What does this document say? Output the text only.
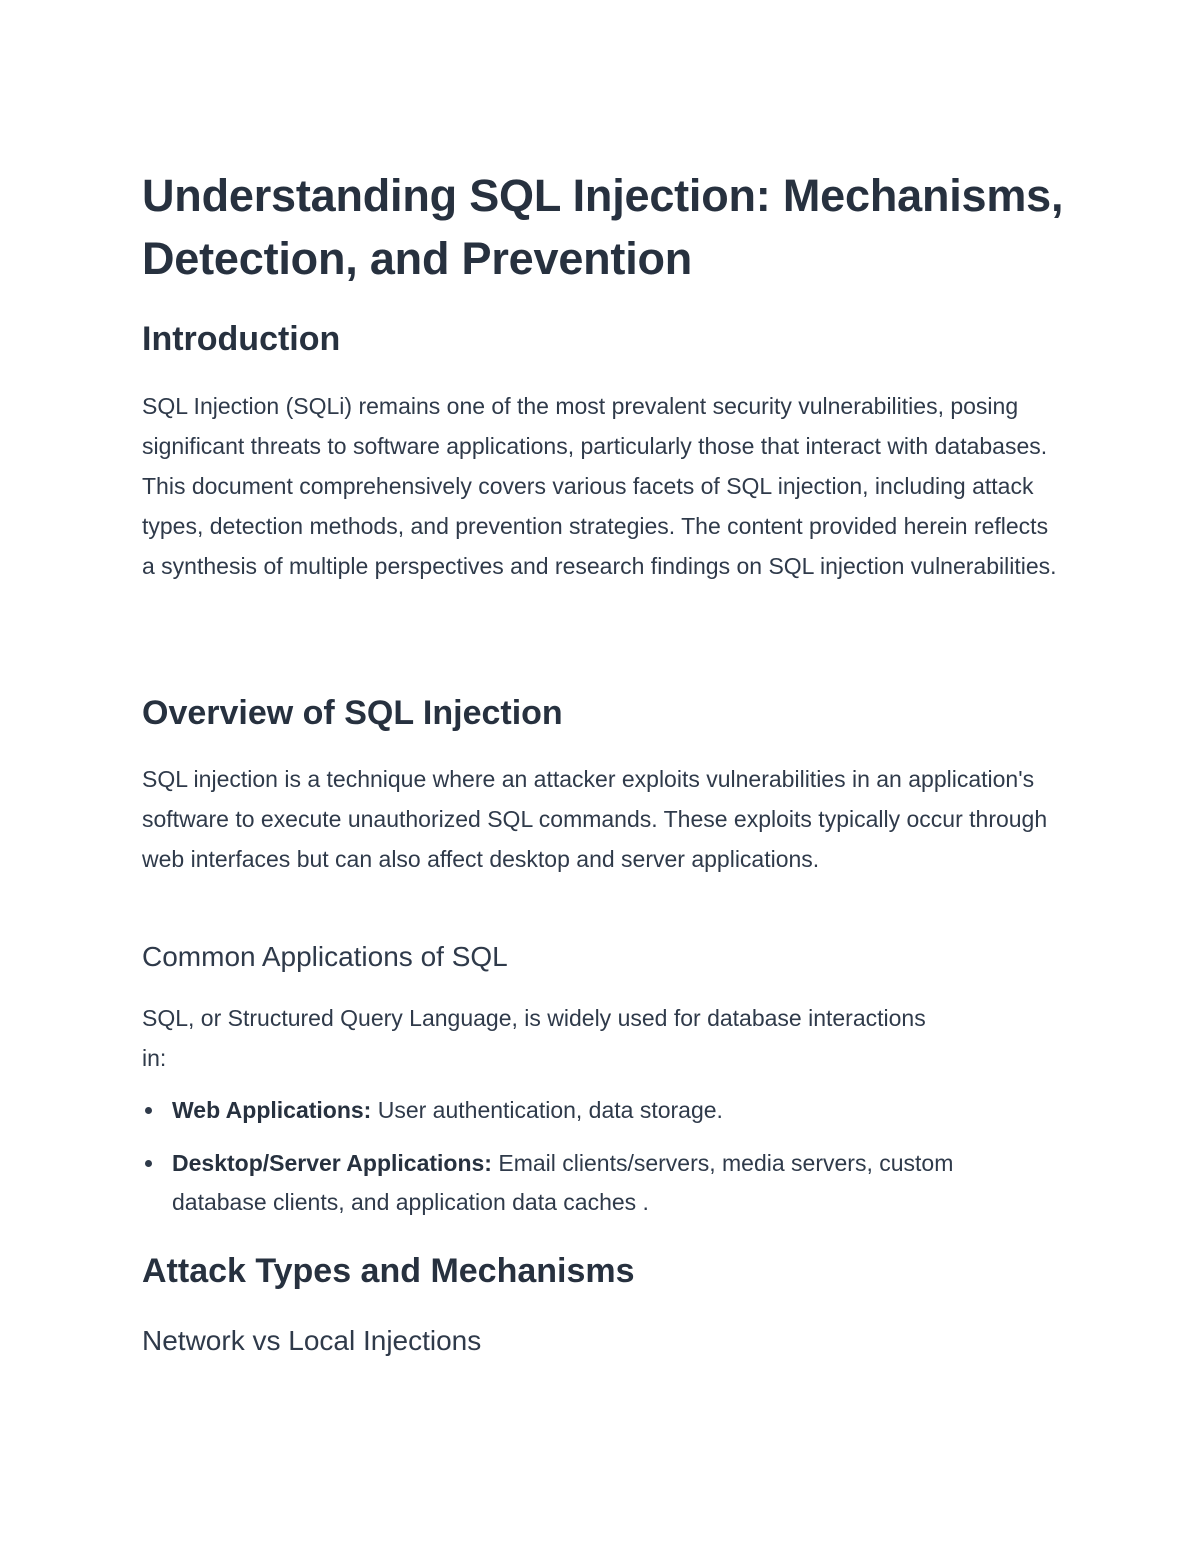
Understanding SQL Injection: Mechanisms, Detection, and Prevention
Introduction

SQL Injection (SQLi) remains one of the most prevalent security vulnerabilities, posing significant threats to software applications, particularly those that interact with databases. This document comprehensively covers various facets of SQL injection, including attack types, detection methods, and prevention strategies. The content provided herein reflects a synthesis of multiple perspectives and research findings on SQL injection vulnerabilities.

Overview of SQL Injection

SQL injection is a technique where an attacker exploits vulnerabilities in an application's software to execute unauthorized SQL commands. These exploits typically occur through web interfaces but can also affect desktop and server applications.

Common Applications of SQL

SQL, or Structured Query Language, is widely used for database interactions in:

Web Applications: User authentication, data storage.
Desktop/Server Applications: Email clients/servers, media servers, custom database clients, and application data caches .
Attack Types and Mechanisms
Network vs Local Injections
